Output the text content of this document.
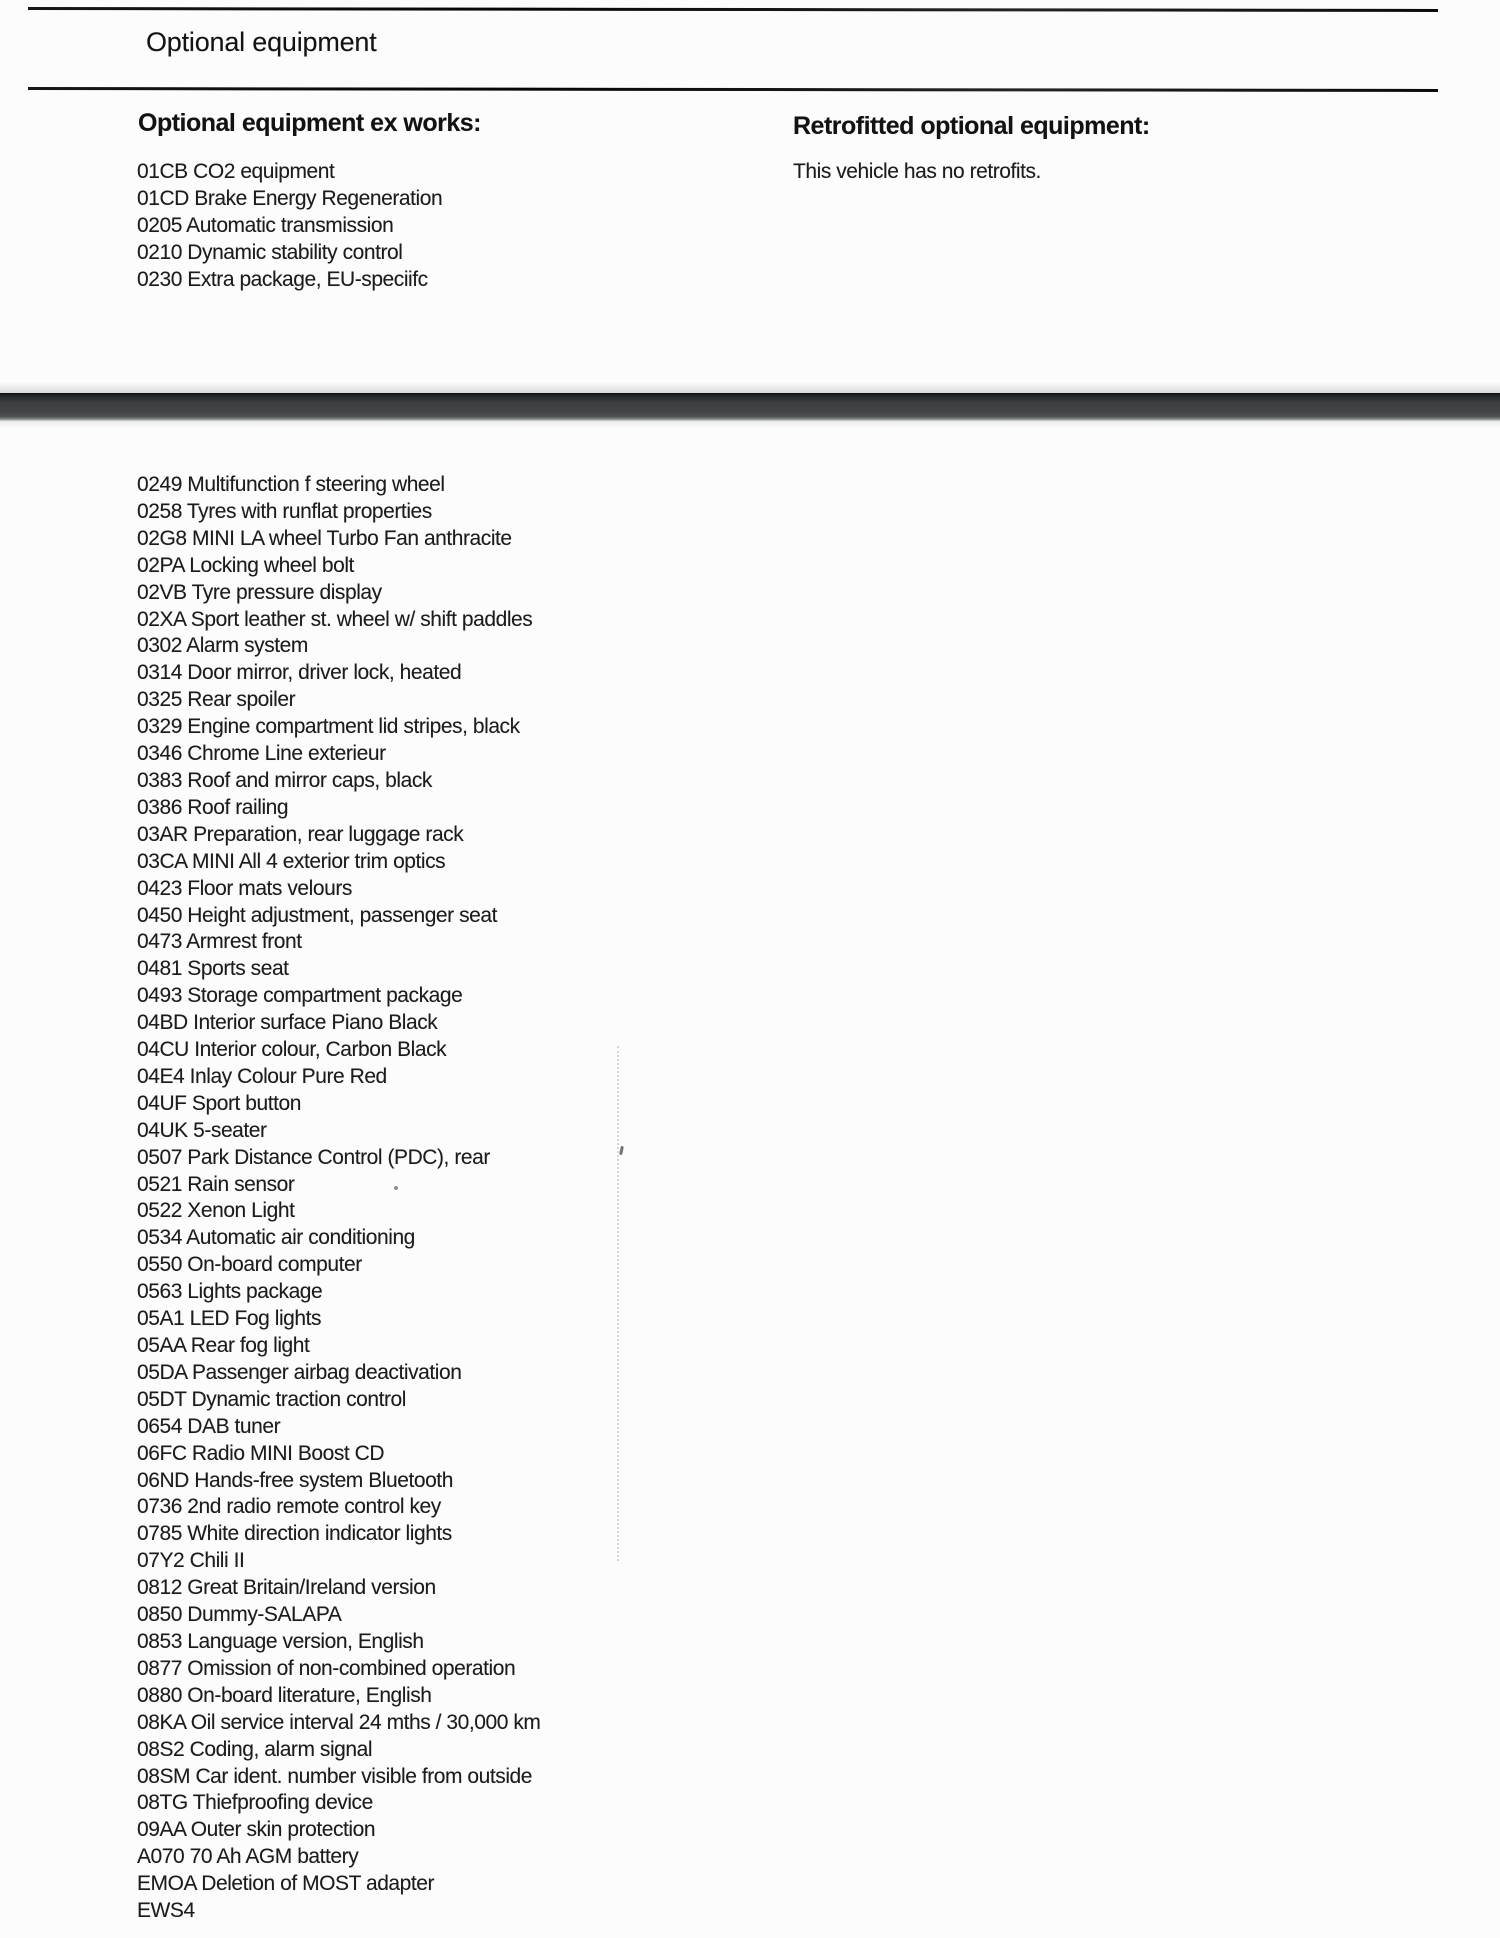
Optional equipment
Optional equipment ex works:	Retrofitted optional equipment:
01CB CO2 equipment
01CD Brake Energy Regeneration
0205 Automatic transmission
0210 Dynamic stability control
0230 Extra package, EU-speciifc
This vehicle has no retrofits.
0249 Multifunction f steering wheel
0258 Tyres with runflat properties
02G8 MINI LA wheel Turbo Fan anthracite
02PA Locking wheel bolt
02VB Tyre pressure display
02XA Sport leather st. wheel w/ shift paddles
0302 Alarm system
0314 Door mirror, driver lock, heated
0325 Rear spoiler
0329 Engine compartment lid stripes, black
0346 Chrome Line exterieur
0383 Roof and mirror caps, black
0386 Roof railing
03AR Preparation, rear luggage rack
03CA MINI All 4 exterior trim optics
0423 Floor mats velours
0450 Height adjustment, passenger seat
0473 Armrest front
0481 Sports seat
0493 Storage compartment package
04BD Interior surface Piano Black
04CU Interior colour, Carbon Black
04E4 Inlay Colour Pure Red
04UF Sport button
04UK 5-seater
0507 Park Distance Control (PDC), rear
0521 Rain sensor
0522 Xenon Light
0534 Automatic air conditioning
0550 On-board computer
0563 Lights package
05A1 LED Fog lights
05AA Rear fog light
05DA Passenger airbag deactivation
05DT Dynamic traction control
0654 DAB tuner
06FC Radio MINI Boost CD
06ND Hands-free system Bluetooth
0736 2nd radio remote control key
0785 White direction indicator lights
07Y2 Chili II
0812 Great Britain/Ireland version
0850 Dummy-SALAPA
0853 Language version, English
0877 Omission of non-combined operation
0880 On-board literature, English
08KA Oil service interval 24 mths / 30,000 km
08S2 Coding, alarm signal
08SM Car ident. number visible from outside
08TG Thiefproofing device
09AA Outer skin protection
A070 70 Ah AGM battery
EMOA Deletion of MOST adapter
EWS4
